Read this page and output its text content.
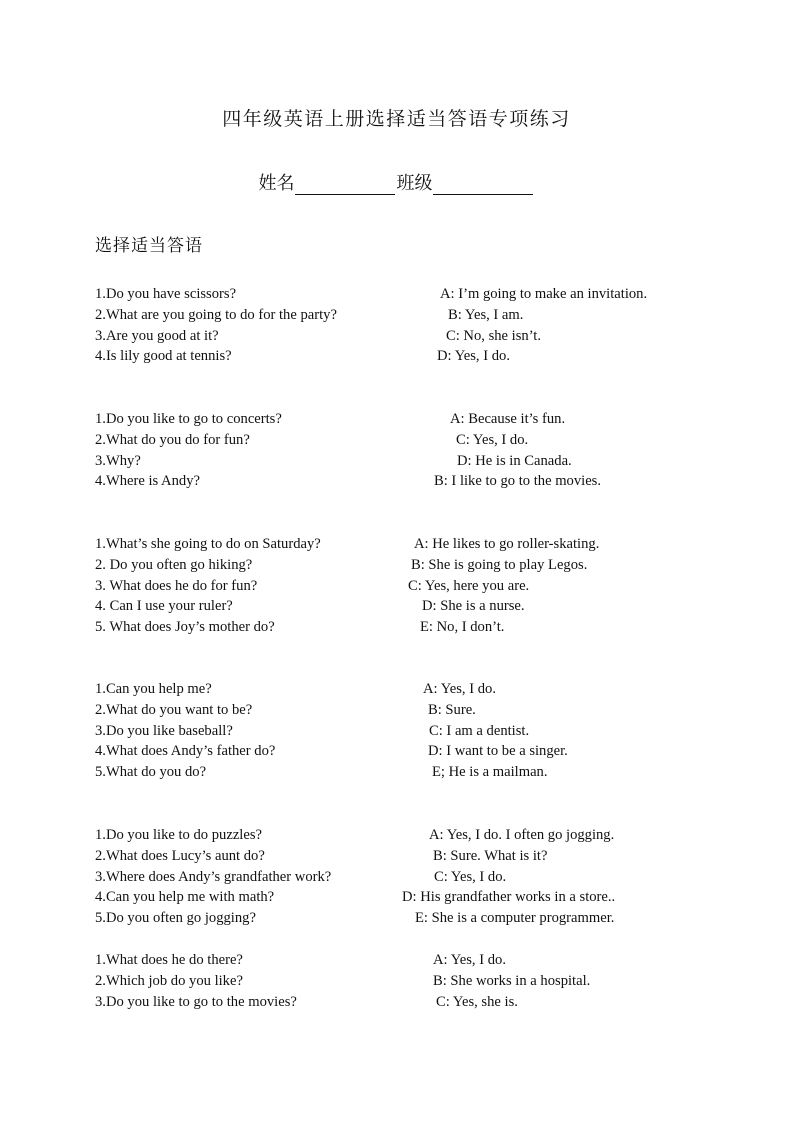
四年级英语上册选择适当答语专项练习
姓名	班级
选择适当答语
1.Do you have scissors?	A: I’m going to make an invitation.
2.What are you going to do for the party?	B: Yes, I am.
3.Are you good at it?	C: No, she isn’t.
4.Is lily good at tennis?	D: Yes, I do.
1.Do you like to go to concerts?	A: Because it’s fun.
2.What do you do for fun?	C: Yes, I do.
3.Why?	D: He is in Canada.
4.Where is Andy?	B: I like to go to the movies.
1.What’s she going to do on Saturday?	A: He likes to go roller-skating.
2. Do you often go hiking?	B: She is going to play Legos.
3. What does he do for fun?	C: Yes, here you are.
4. Can I use your ruler?	D: She is a nurse.
5. What does Joy’s mother do?	E: No, I don’t.
1.Can you help me?	A: Yes, I do.
2.What do you want to be?	B: Sure.
3.Do you like baseball?	C: I am a dentist.
4.What does Andy’s father do?	D: I want to be a singer.
5.What do you do?	E; He is a mailman.
1.Do you like to do puzzles?	A: Yes, I do. I often go jogging.
2.What does Lucy’s aunt do?	B: Sure. What is it?
3.Where does Andy’s grandfather work?	C: Yes, I do.
4.Can you help me with math?	D: His grandfather works in a store..
5.Do you often go jogging?	E: She is a computer programmer.
1.What does he do there?	A: Yes, I do.
2.Which job do you like?	B: She works in a hospital.
3.Do you like to go to the movies?	C: Yes, she is.
